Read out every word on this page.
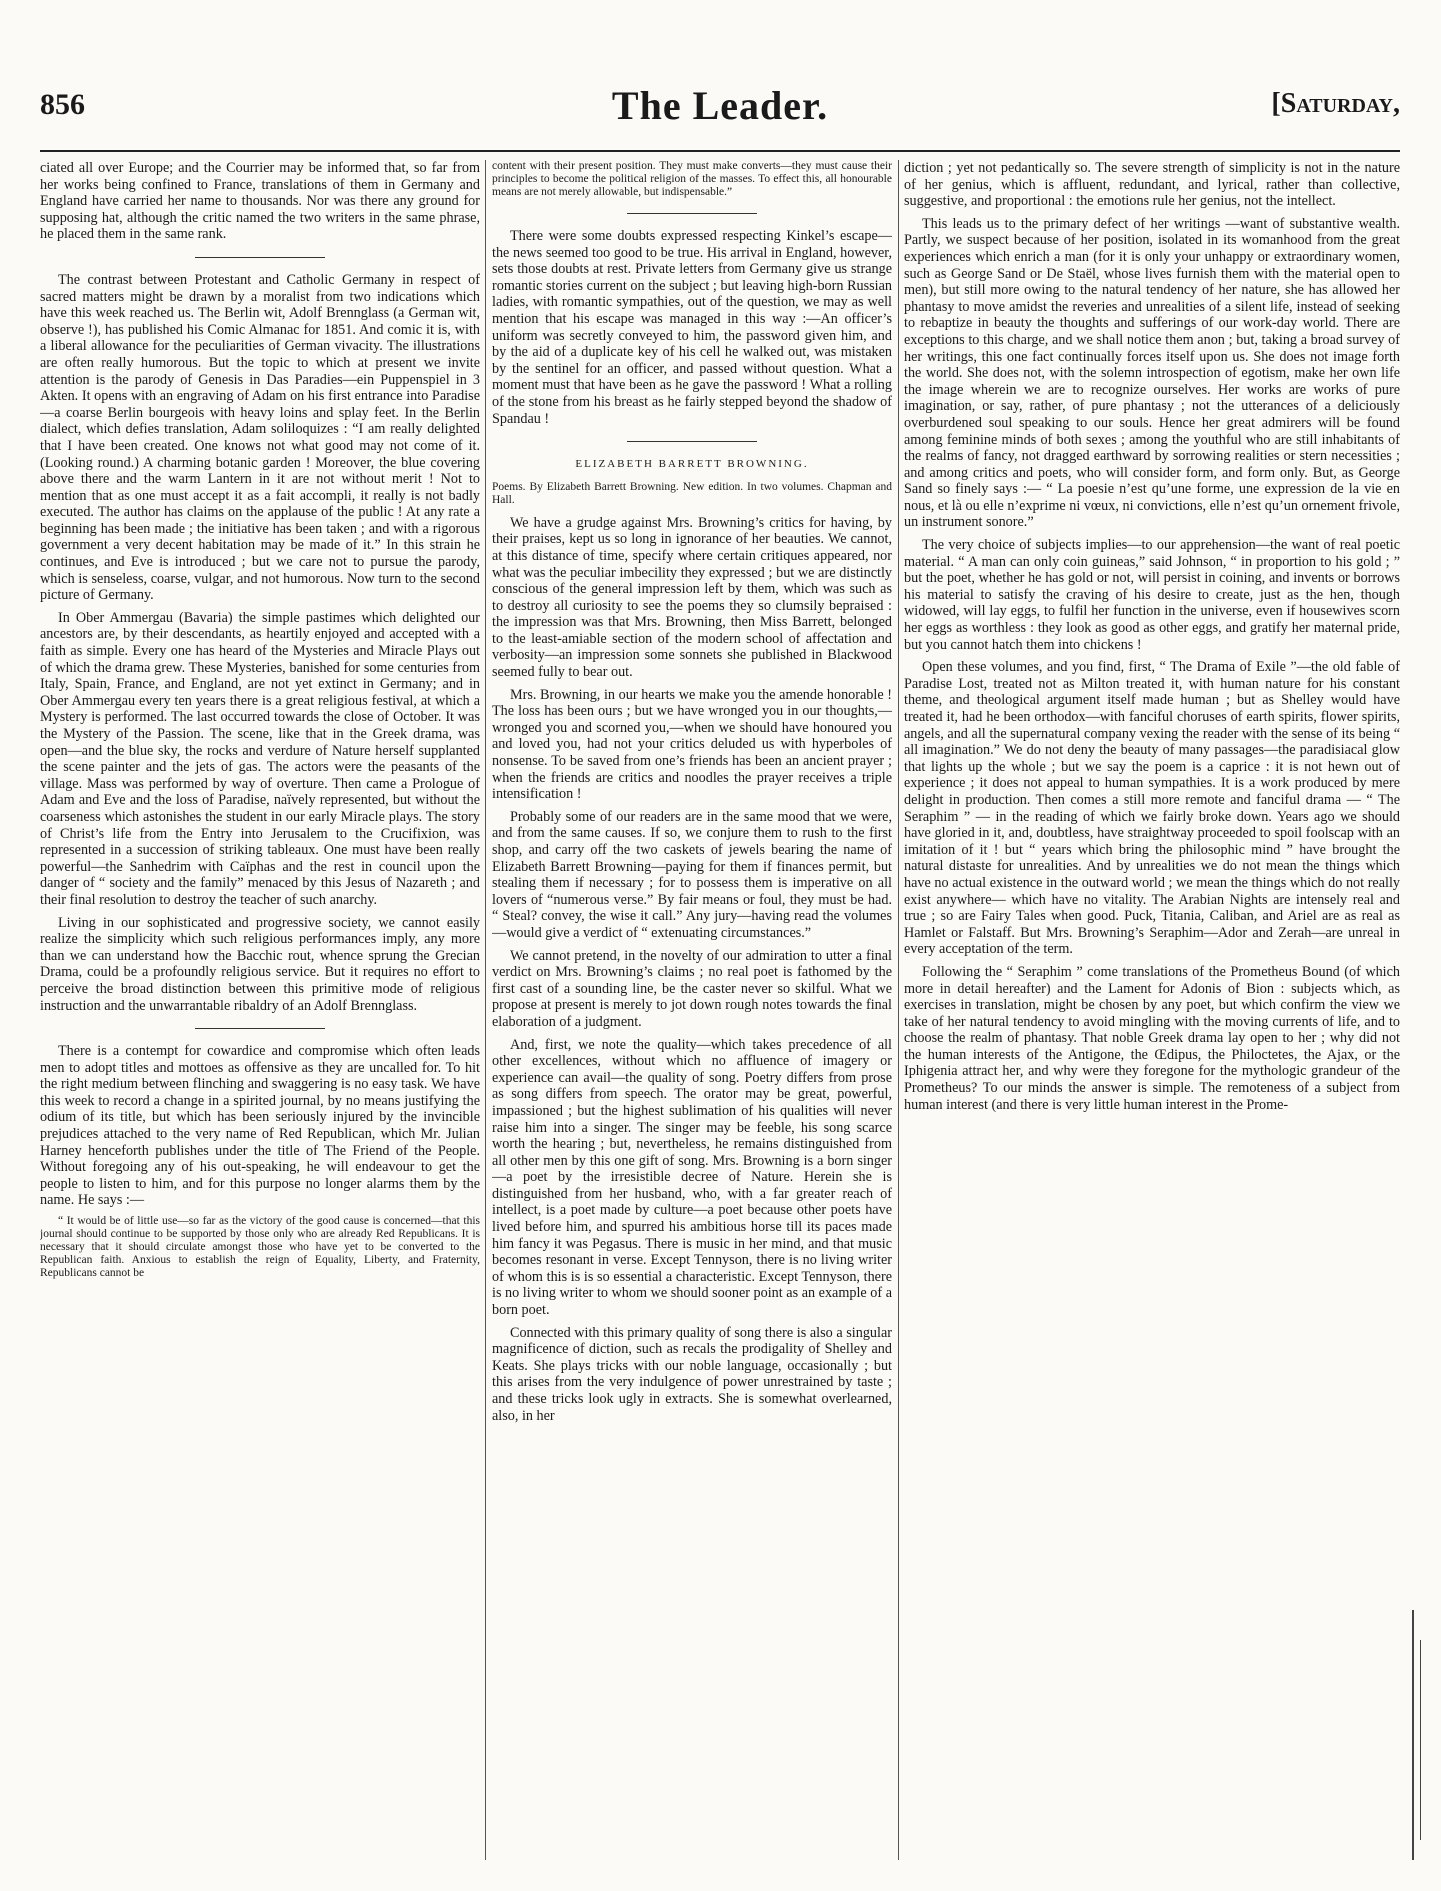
856	The Leader.	[Saturday,

ciated all over Europe; and the Courrier may be informed that, so far from her works being confined to France, translations of them in Germany and England have carried her name to thousands. Nor was there any ground for supposing hat, although the critic named the two writers in the same phrase, he placed them in the same rank.

The contrast between Protestant and Catholic Germany in respect of sacred matters might be drawn by a moralist from two indications which have this week reached us. The Berlin wit, Adolf Brennglass (a German wit, observe !), has published his Comic Almanac for 1851. And comic it is, with a liberal allowance for the peculiarities of German vivacity. The illustrations are often really humorous. But the topic to which at present we invite attention is the parody of Genesis in Das Paradies—ein Puppenspiel in 3 Akten. It opens with an engraving of Adam on his first entrance into Paradise—a coarse Berlin bourgeois with heavy loins and splay feet. In the Berlin dialect, which defies translation, Adam soliloquizes : “I am really delighted that I have been created. One knows not what good may not come of it. (Looking round.) A charming botanic garden ! Moreover, the blue covering above there and the warm Lantern in it are not without merit ! Not to mention that as one must accept it as a fait accompli, it really is not badly executed. The author has claims on the applause of the public ! At any rate a beginning has been made ; the initiative has been taken ; and with a rigorous government a very decent habitation may be made of it.” In this strain he continues, and Eve is introduced ; but we care not to pursue the parody, which is senseless, coarse, vulgar, and not humorous. Now turn to the second picture of Germany.

In Ober Ammergau (Bavaria) the simple pastimes which delighted our ancestors are, by their descendants, as heartily enjoyed and accepted with a faith as simple. Every one has heard of the Mysteries and Miracle Plays out of which the drama grew. These Mysteries, banished for some centuries from Italy, Spain, France, and England, are not yet extinct in Germany; and in Ober Ammergau every ten years there is a great religious festival, at which a Mystery is performed. The last occurred towards the close of October. It was the Mystery of the Passion. The scene, like that in the Greek drama, was open—and the blue sky, the rocks and verdure of Nature herself supplanted the scene painter and the jets of gas. The actors were the peasants of the village. Mass was performed by way of overture. Then came a Prologue of Adam and Eve and the loss of Paradise, naïvely represented, but without the coarseness which astonishes the student in our early Miracle plays. The story of Christ’s life from the Entry into Jerusalem to the Crucifixion, was represented in a succession of striking tableaux. One must have been really powerful—the Sanhedrim with Caïphas and the rest in council upon the danger of “ society and the family” menaced by this Jesus of Nazareth ; and their final resolution to destroy the teacher of such anarchy.

Living in our sophisticated and progressive society, we cannot easily realize the simplicity which such religious performances imply, any more than we can understand how the Bacchic rout, whence sprung the Grecian Drama, could be a profoundly religious service. But it requires no effort to perceive the broad distinction between this primitive mode of religious instruction and the unwarrantable ribaldry of an Adolf Brennglass.

There is a contempt for cowardice and compromise which often leads men to adopt titles and mottoes as offensive as they are uncalled for. To hit the right medium between flinching and swaggering is no easy task. We have this week to record a change in a spirited journal, by no means justifying the odium of its title, but which has been seriously injured by the invincible prejudices attached to the very name of Red Republican, which Mr. Julian Harney henceforth publishes under the title of The Friend of the People. Without foregoing any of his out-speaking, he will endeavour to get the people to listen to him, and for this purpose no longer alarms them by the name. He says :—

“ It would be of little use—so far as the victory of the good cause is concerned—that this journal should continue to be supported by those only who are already Red Republicans. It is necessary that it should circulate amongst those who have yet to be converted to the Republican faith. Anxious to establish the reign of Equality, Liberty, and Fraternity, Republicans cannot be

content with their present position. They must make converts—they must cause their principles to become the political religion of the masses. To effect this, all honourable means are not merely allowable, but indispensable.”

There were some doubts expressed respecting Kinkel’s escape—the news seemed too good to be true. His arrival in England, however, sets those doubts at rest. Private letters from Germany give us strange romantic stories current on the subject ; but leaving high-born Russian ladies, with romantic sympathies, out of the question, we may as well mention that his escape was managed in this way :—An officer’s uniform was secretly conveyed to him, the password given him, and by the aid of a duplicate key of his cell he walked out, was mistaken by the sentinel for an officer, and passed without question. What a moment must that have been as he gave the password ! What a rolling of the stone from his breast as he fairly stepped beyond the shadow of Spandau !

ELIZABETH BARRETT BROWNING.

Poems. By Elizabeth Barrett Browning. New edition. In two volumes. Chapman and Hall.

We have a grudge against Mrs. Browning’s critics for having, by their praises, kept us so long in ignorance of her beauties. We cannot, at this distance of time, specify where certain critiques appeared, nor what was the peculiar imbecility they expressed ; but we are distinctly conscious of the general impression left by them, which was such as to destroy all curiosity to see the poems they so clumsily bepraised : the impression was that Mrs. Browning, then Miss Barrett, belonged to the least-amiable section of the modern school of affectation and verbosity—an impression some sonnets she published in Blackwood seemed fully to bear out.

Mrs. Browning, in our hearts we make you the amende honorable ! The loss has been ours ; but we have wronged you in our thoughts,—wronged you and scorned you,—when we should have honoured you and loved you, had not your critics deluded us with hyperboles of nonsense. To be saved from one’s friends has been an ancient prayer ; when the friends are critics and noodles the prayer receives a triple intensification !

Probably some of our readers are in the same mood that we were, and from the same causes. If so, we conjure them to rush to the first shop, and carry off the two caskets of jewels bearing the name of Elizabeth Barrett Browning—paying for them if finances permit, but stealing them if necessary ; for to possess them is imperative on all lovers of “numerous verse.” By fair means or foul, they must be had. “ Steal? convey, the wise it call.” Any jury—having read the volumes—would give a verdict of “ extenuating circumstances.”

We cannot pretend, in the novelty of our admiration to utter a final verdict on Mrs. Browning’s claims ; no real poet is fathomed by the first cast of a sounding line, be the caster never so skilful. What we propose at present is merely to jot down rough notes towards the final elaboration of a judgment.

And, first, we note the quality—which takes precedence of all other excellences, without which no affluence of imagery or experience can avail—the quality of song. Poetry differs from prose as song differs from speech. The orator may be great, powerful, impassioned ; but the highest sublimation of his qualities will never raise him into a singer. The singer may be feeble, his song scarce worth the hearing ; but, nevertheless, he remains distinguished from all other men by this one gift of song. Mrs. Browning is a born singer—a poet by the irresistible decree of Nature. Herein she is distinguished from her husband, who, with a far greater reach of intellect, is a poet made by culture—a poet because other poets have lived before him, and spurred his ambitious horse till its paces made him fancy it was Pegasus. There is music in her mind, and that music becomes resonant in verse. Except Tennyson, there is no living writer of whom this is is so essential a characteristic. Except Tennyson, there is no living writer to whom we should sooner point as an example of a born poet.

Connected with this primary quality of song there is also a singular magnificence of diction, such as recals the prodigality of Shelley and Keats. She plays tricks with our noble language, occasionally ; but this arises from the very indulgence of power unrestrained by taste ; and these tricks look ugly in extracts. She is somewhat overlearned, also, in her

diction ; yet not pedantically so. The severe strength of simplicity is not in the nature of her genius, which is affluent, redundant, and lyrical, rather than collective, suggestive, and proportional : the emotions rule her genius, not the intellect.

This leads us to the primary defect of her writings —want of substantive wealth. Partly, we suspect because of her position, isolated in its womanhood from the great experiences which enrich a man (for it is only your unhappy or extraordinary women, such as George Sand or De Staël, whose lives furnish them with the material open to men), but still more owing to the natural tendency of her nature, she has allowed her phantasy to move amidst the reveries and unrealities of a silent life, instead of seeking to rebaptize in beauty the thoughts and sufferings of our work-day world. There are exceptions to this charge, and we shall notice them anon ; but, taking a broad survey of her writings, this one fact continually forces itself upon us. She does not image forth the world. She does not, with the solemn introspection of egotism, make her own life the image wherein we are to recognize ourselves. Her works are works of pure imagination, or say, rather, of pure phantasy ; not the utterances of a deliciously overburdened soul speaking to our souls. Hence her great admirers will be found among feminine minds of both sexes ; among the youthful who are still inhabitants of the realms of fancy, not dragged earthward by sorrowing realities or stern necessities ; and among critics and poets, who will consider form, and form only. But, as George Sand so finely says :— “ La poesie n’est qu’une forme, une expression de la vie en nous, et là ou elle n’exprime ni vœux, ni convictions, elle n’est qu’un ornement frivole, un instrument sonore.”

The very choice of subjects implies—to our apprehension—the want of real poetic material. “ A man can only coin guineas,” said Johnson, “ in proportion to his gold ; ” but the poet, whether he has gold or not, will persist in coining, and invents or borrows his material to satisfy the craving of his desire to create, just as the hen, though widowed, will lay eggs, to fulfil her function in the universe, even if housewives scorn her eggs as worthless : they look as good as other eggs, and gratify her maternal pride, but you cannot hatch them into chickens !

Open these volumes, and you find, first, “ The Drama of Exile ”—the old fable of Paradise Lost, treated not as Milton treated it, with human nature for his constant theme, and theological argument itself made human ; but as Shelley would have treated it, had he been orthodox—with fanciful choruses of earth spirits, flower spirits, angels, and all the supernatural company vexing the reader with the sense of its being “ all imagination.” We do not deny the beauty of many passages—the paradisiacal glow that lights up the whole ; but we say the poem is a caprice : it is not hewn out of experience ; it does not appeal to human sympathies. It is a work produced by mere delight in production. Then comes a still more remote and fanciful drama — “ The Seraphim ” — in the reading of which we fairly broke down. Years ago we should have gloried in it, and, doubtless, have straightway proceeded to spoil foolscap with an imitation of it ! but “ years which bring the philosophic mind ” have brought the natural distaste for unrealities. And by unrealities we do not mean the things which have no actual existence in the outward world ; we mean the things which do not really exist anywhere— which have no vitality. The Arabian Nights are intensely real and true ; so are Fairy Tales when good. Puck, Titania, Caliban, and Ariel are as real as Hamlet or Falstaff. But Mrs. Browning’s Seraphim—Ador and Zerah—are unreal in every acceptation of the term.

Following the “ Seraphim ” come translations of the Prometheus Bound (of which more in detail hereafter) and the Lament for Adonis of Bion : subjects which, as exercises in translation, might be chosen by any poet, but which confirm the view we take of her natural tendency to avoid mingling with the moving currents of life, and to choose the realm of phantasy. That noble Greek drama lay open to her ; why did not the human interests of the Antigone, the Œdipus, the Philoctetes, the Ajax, or the Iphigenia attract her, and why were they foregone for the mythologic grandeur of the Prometheus? To our minds the answer is simple. The remoteness of a subject from human interest (and there is very little human interest in the Prome-
